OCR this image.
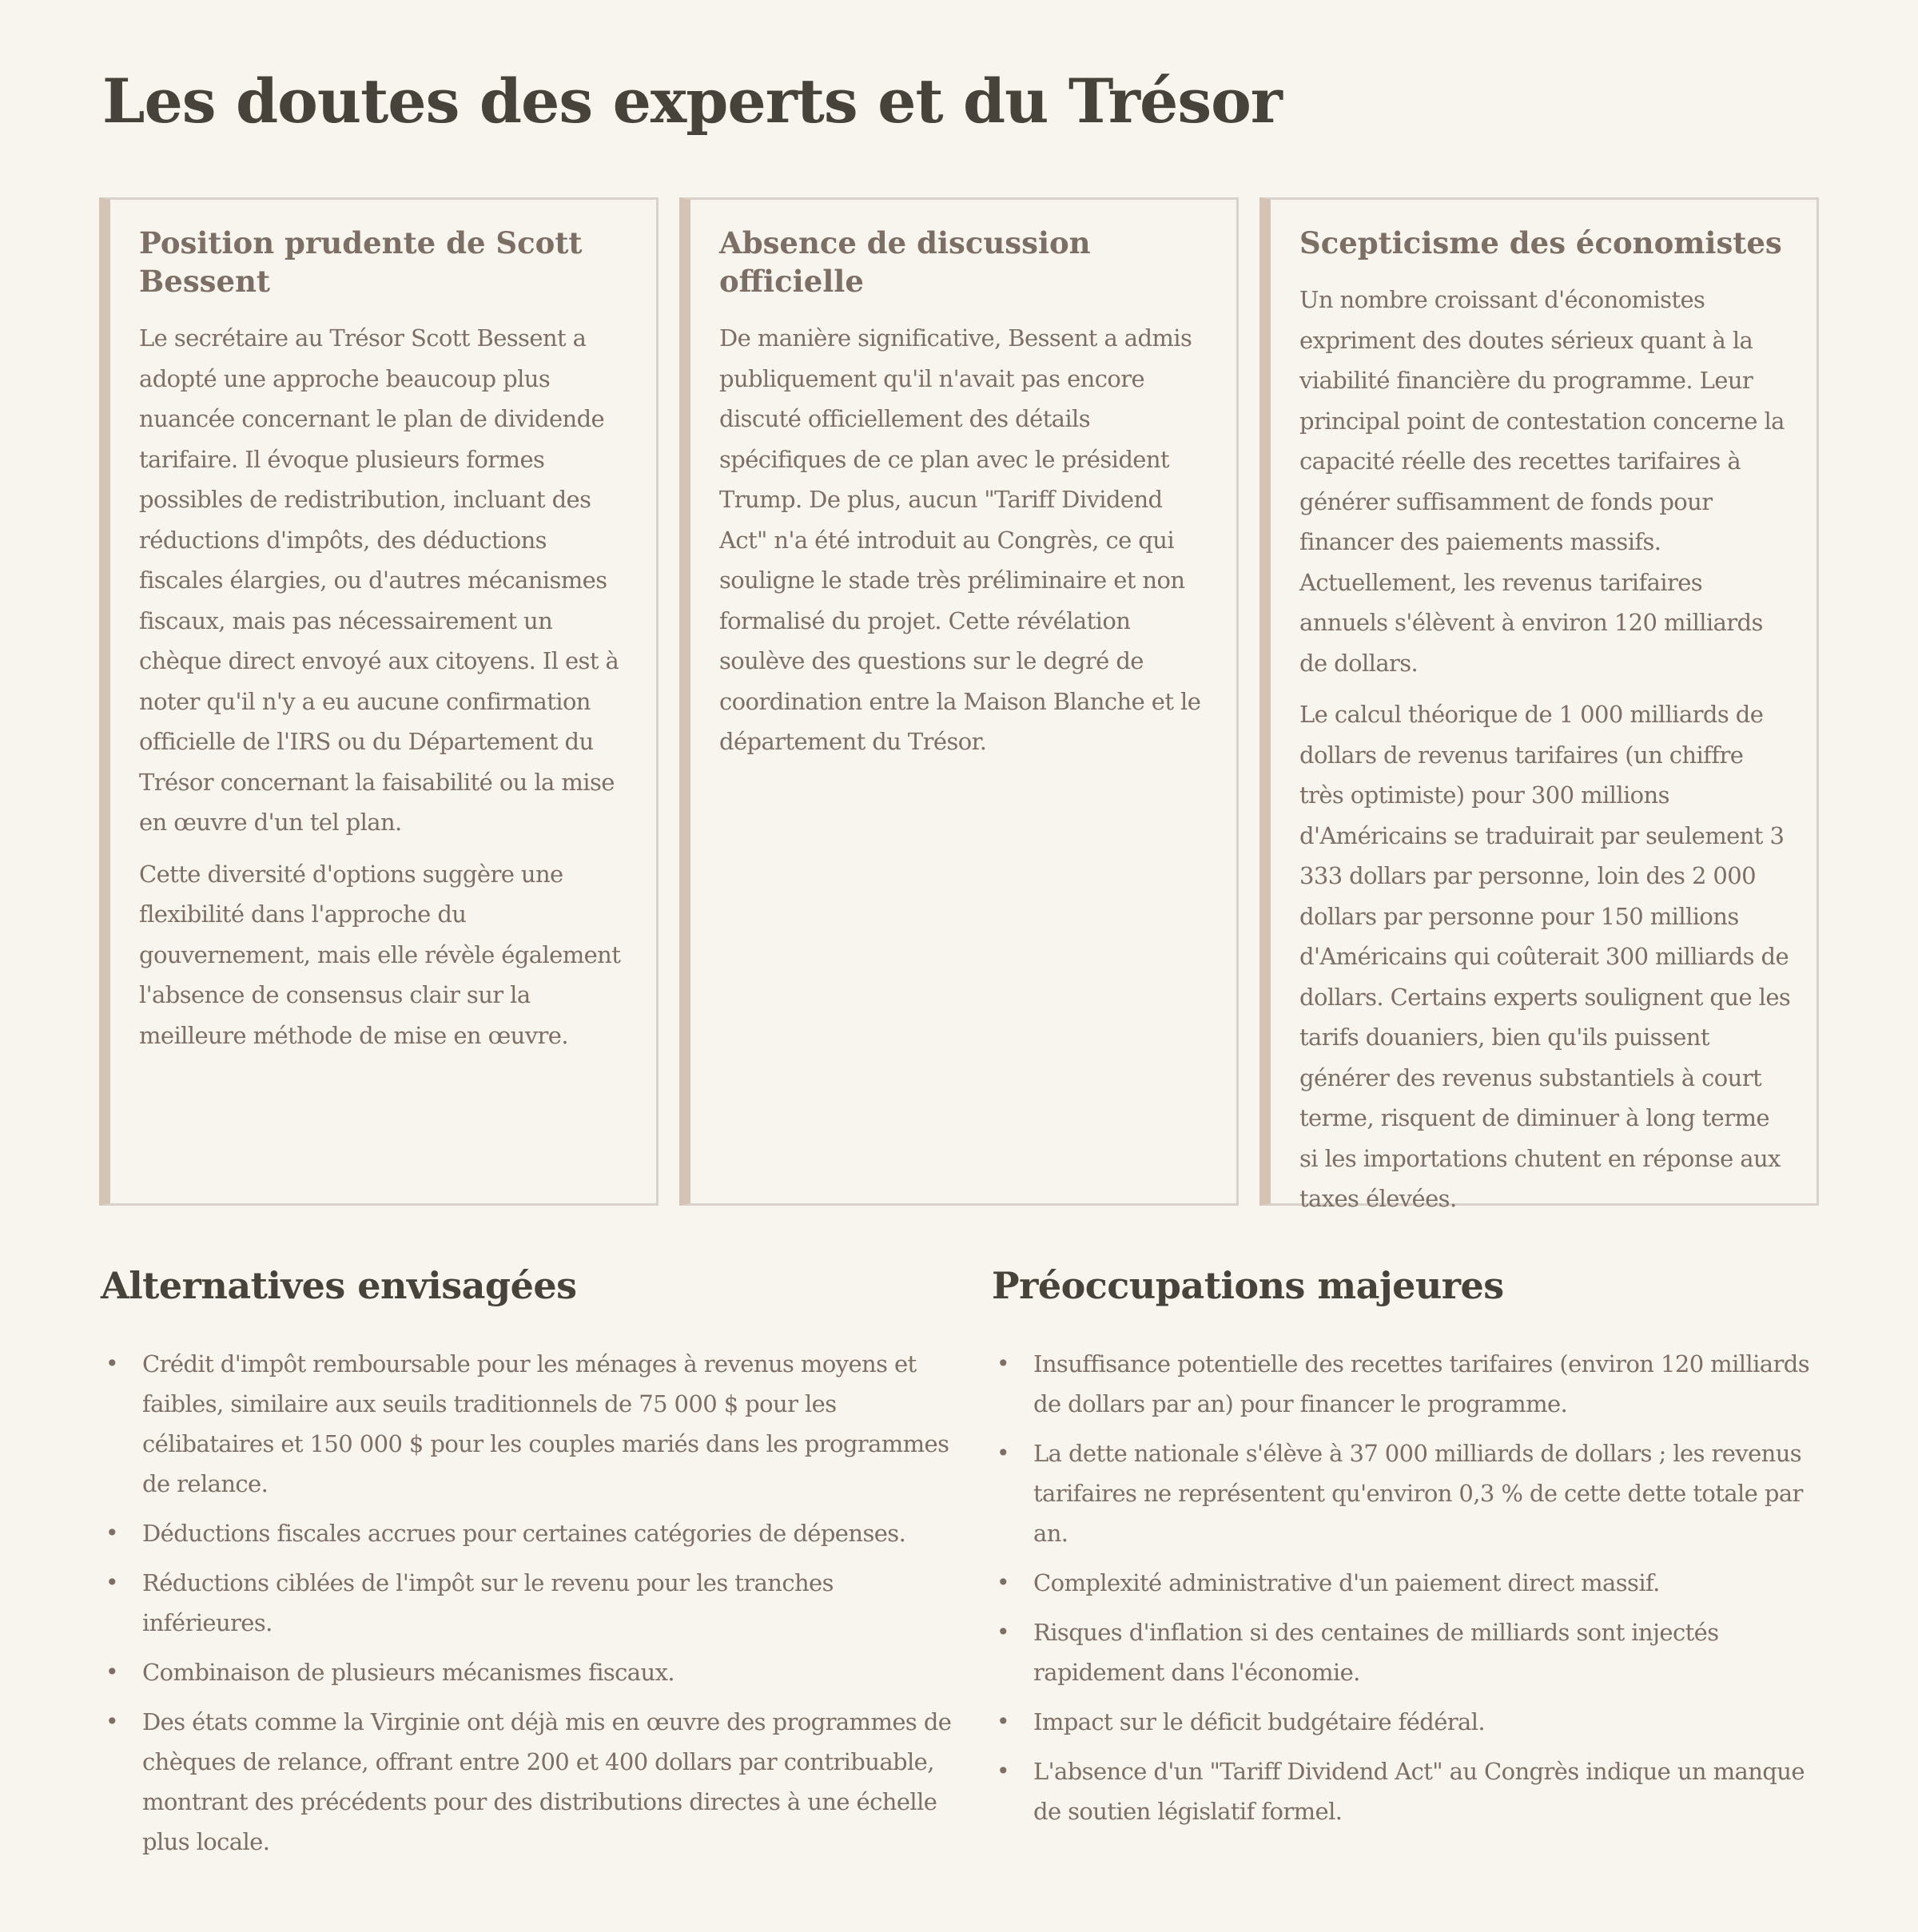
Les doutes des experts et du Trésor
Position prudente de Scott Bessent

Le secrétaire au Trésor Scott Bessent a adopté une approche beaucoup plus nuancée concernant le plan de dividende tarifaire. Il évoque plusieurs formes possibles de redistribution, incluant des réductions d'impôts, des déductions fiscales élargies, ou d'autres mécanismes fiscaux, mais pas nécessairement un chèque direct envoyé aux citoyens. Il est à noter qu'il n'y a eu aucune confirmation officielle de l'IRS ou du Département du Trésor concernant la faisabilité ou la mise en œuvre d'un tel plan.

Cette diversité d'options suggère une flexibilité dans l'approche du gouvernement, mais elle révèle également l'absence de consensus clair sur la meilleure méthode de mise en œuvre.

Absence de discussion officielle

De manière significative, Bessent a admis publiquement qu'il n'avait pas encore discuté officiellement des détails spécifiques de ce plan avec le président Trump. De plus, aucun "Tariff Dividend Act" n'a été introduit au Congrès, ce qui souligne le stade très préliminaire et non formalisé du projet. Cette révélation soulève des questions sur le degré de coordination entre la Maison Blanche et le département du Trésor.

Scepticisme des économistes

Un nombre croissant d'économistes expriment des doutes sérieux quant à la viabilité financière du programme. Leur principal point de contestation concerne la capacité réelle des recettes tarifaires à générer suffisamment de fonds pour financer des paiements massifs. Actuellement, les revenus tarifaires annuels s'élèvent à environ 120 milliards de dollars.

Le calcul théorique de 1 000 milliards de dollars de revenus tarifaires (un chiffre très optimiste) pour 300 millions d'Américains se traduirait par seulement 3 333 dollars par personne, loin des 2 000 dollars par personne pour 150 millions d'Américains qui coûterait 300 milliards de dollars. Certains experts soulignent que les tarifs douaniers, bien qu'ils puissent générer des revenus substantiels à court terme, risquent de diminuer à long terme si les importations chutent en réponse aux taxes élevées.

Alternatives envisagées
• Crédit d'impôt remboursable pour les ménages à revenus moyens et faibles, similaire aux seuils traditionnels de 75 000 $ pour les célibataires et 150 000 $ pour les couples mariés dans les programmes de relance.
• Déductions fiscales accrues pour certaines catégories de dépenses.
• Réductions ciblées de l'impôt sur le revenu pour les tranches inférieures.
• Combinaison de plusieurs mécanismes fiscaux.
• Des états comme la Virginie ont déjà mis en œuvre des programmes de chèques de relance, offrant entre 200 et 400 dollars par contribuable, montrant des précédents pour des distributions directes à une échelle plus locale.
Préoccupations majeures
• Insuffisance potentielle des recettes tarifaires (environ 120 milliards de dollars par an) pour financer le programme.
• La dette nationale s'élève à 37 000 milliards de dollars ; les revenus tarifaires ne représentent qu'environ 0,3 % de cette dette totale par an.
• Complexité administrative d'un paiement direct massif.
• Risques d'inflation si des centaines de milliards sont injectés rapidement dans l'économie.
• Impact sur le déficit budgétaire fédéral.
• L'absence d'un "Tariff Dividend Act" au Congrès indique un manque de soutien législatif formel.
